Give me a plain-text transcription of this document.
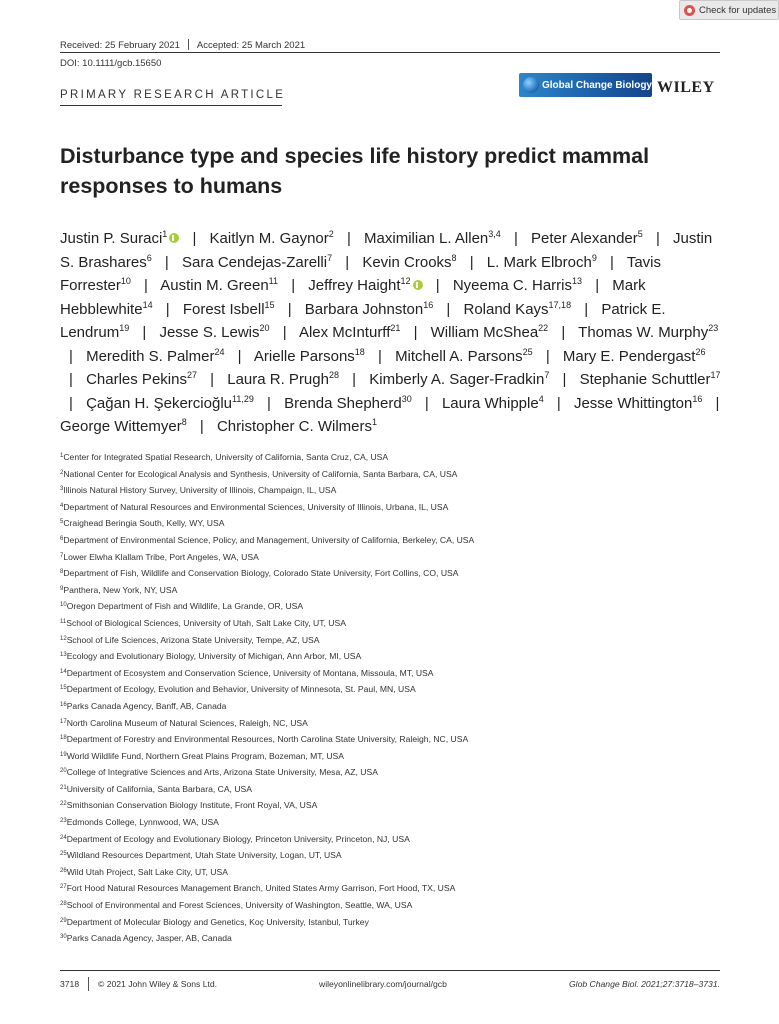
Check for updates
Received: 25 February 2021 Accepted: 25 March 2021
DOI: 10.1111/gcb.15650
PRIMARY RESEARCH ARTICLE
Global Change Biology WILEY
Disturbance type and species life history predict mammal responses to humans

Justin P. Suraci$^1$ | Kaitlyn M. Gaynor$^2$ | Maximilian L. Allen$^{3,4}$ | Peter Alexander$^5$ | Justin S. Brashares$^6$ | Sara Cendejas-Zarelli$^7$ | Kevin Crooks$^8$ | L. Mark Elbroch$^9$ | Tavis Forrester$^{10}$ | Austin M. Green$^{11}$ | Jeffrey Haight$^{12}$ | Nyeema C. Harris$^{13}$ | Mark Hebblewhite$^{14}$ | Forest Isbell$^{15}$ | Barbara Johnston$^{16}$ | Roland Kays$^{17,18}$ | Patrick E. Lendrum$^{19}$ | Jesse S. Lewis$^{20}$ | Alex McInturff$^{21}$ | William McShea$^{22}$ | Thomas W. Murphy$^{23}$ | Meredith S. Palmer$^{24}$ | Arielle Parsons$^{18}$ | Mitchell A. Parsons$^{25}$ | Mary E. Pendergast$^{26}$ | Charles Pekins$^{27}$ | Laura R. Prugh$^{28}$ | Kimberly A. Sager-Fradkin$^7$ | Stephanie Schuttler$^{17}$ | Çağan H. Şekercioğlu$^{11,29}$ | Brenda Shepherd$^{30}$ | Laura Whipple$^4$ | Jesse Whittington$^{16}$ | George Wittemyer$^8$ | Christopher C. Wilmers$^1$

$^1$Center for Integrated Spatial Research, University of California, Santa Cruz, CA, USA
$^2$National Center for Ecological Analysis and Synthesis, University of California, Santa Barbara, CA, USA
$^3$Illinois Natural History Survey, University of Illinois, Champaign, IL, USA
$^4$Department of Natural Resources and Environmental Sciences, University of Illinois, Urbana, IL, USA
$^5$Craighead Beringia South, Kelly, WY, USA
$^6$Department of Environmental Science, Policy, and Management, University of California, Berkeley, CA, USA
$^7$Lower Elwha Klallam Tribe, Port Angeles, WA, USA
$^8$Department of Fish, Wildlife and Conservation Biology, Colorado State University, Fort Collins, CO, USA
$^9$Panthera, New York, NY, USA
$^{10}$Oregon Department of Fish and Wildlife, La Grande, OR, USA
$^{11}$School of Biological Sciences, University of Utah, Salt Lake City, UT, USA
$^{12}$School of Life Sciences, Arizona State University, Tempe, AZ, USA
$^{13}$Ecology and Evolutionary Biology, University of Michigan, Ann Arbor, MI, USA
$^{14}$Department of Ecosystem and Conservation Science, University of Montana, Missoula, MT, USA
$^{15}$Department of Ecology, Evolution and Behavior, University of Minnesota, St. Paul, MN, USA
$^{16}$Parks Canada Agency, Banff, AB, Canada
$^{17}$North Carolina Museum of Natural Sciences, Raleigh, NC, USA
$^{18}$Department of Forestry and Environmental Resources, North Carolina State University, Raleigh, NC, USA
$^{19}$World Wildlife Fund, Northern Great Plains Program, Bozeman, MT, USA
$^{20}$College of Integrative Sciences and Arts, Arizona State University, Mesa, AZ, USA
$^{21}$University of California, Santa Barbara, CA, USA
$^{22}$Smithsonian Conservation Biology Institute, Front Royal, VA, USA
$^{23}$Edmonds College, Lynnwood, WA, USA
$^{24}$Department of Ecology and Evolutionary Biology, Princeton University, Princeton, NJ, USA
$^{25}$Wildland Resources Department, Utah State University, Logan, UT, USA
$^{26}$Wild Utah Project, Salt Lake City, UT, USA
$^{27}$Fort Hood Natural Resources Management Branch, United States Army Garrison, Fort Hood, TX, USA
$^{28}$School of Environmental and Forest Sciences, University of Washington, Seattle, WA, USA
$^{29}$Department of Molecular Biology and Genetics, Koç University, Istanbul, Turkey
$^{30}$Parks Canada Agency, Jasper, AB, Canada
3718 © 2021 John Wiley & Sons Ltd.	wileyonlinelibrary.com/journal/gcb	Glob Change Biol. 2021;27:3718–3731.
